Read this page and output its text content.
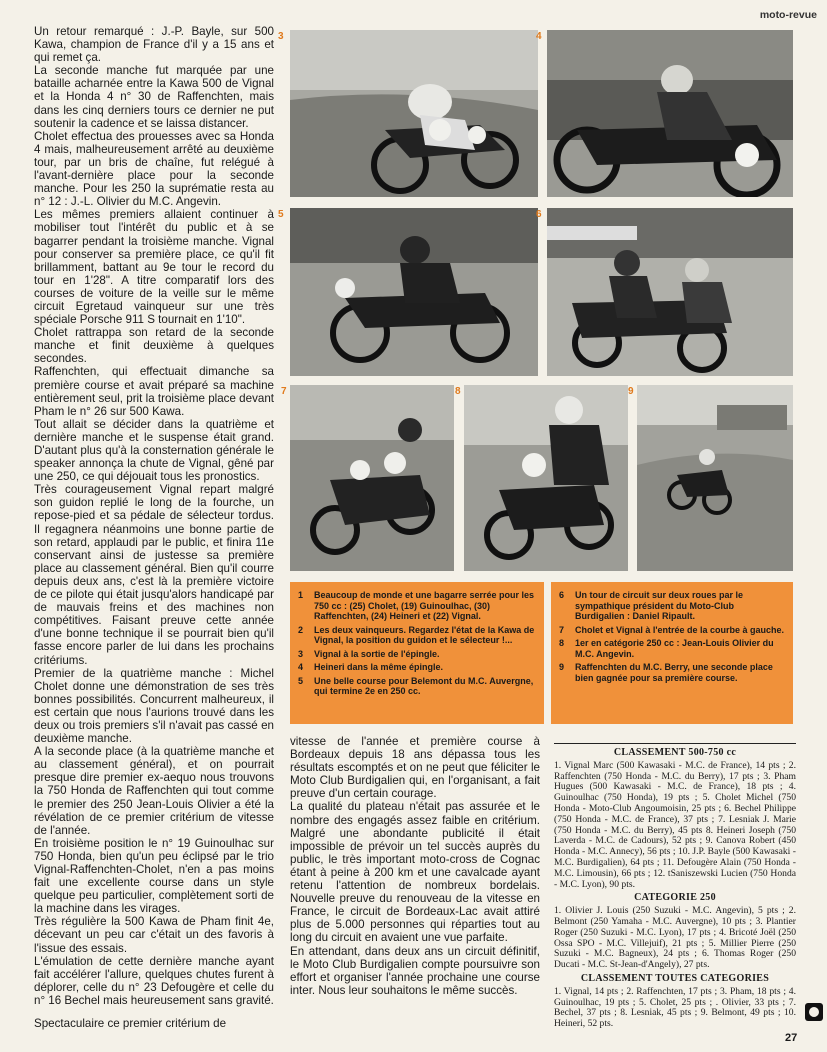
moto-revue

Un retour remarqué : J.-P. Bayle, sur 500 Kawa, champion de France d'il y a 15 ans et qui remet ça.

La seconde manche fut marquée par une bataille acharnée entre la Kawa 500 de Vignal et la Honda 4 n° 30 de Raffenchten, mais dans les cinq derniers tours ce dernier ne put soutenir la cadence et se laissa distancer.

Cholet effectua des prouesses avec sa Honda 4 mais, malheureusement arrêté au deuxième tour, par un bris de chaîne, fut relégué à l'avant-dernière place pour la seconde manche. Pour les 250 la suprématie resta au n° 12 : J.-L. Olivier du M.C. Angevin.

Les mêmes premiers allaient continuer à mobiliser tout l'intérêt du public et à se bagarrer pendant la troisième manche. Vignal pour conserver sa première place, ce qu'il fit brillamment, battant au 9e tour le record du tour en 1'28". A titre comparatif lors des courses de voiture de la veille sur le même circuit Egretaud vainqueur sur une très spéciale Porsche 911 S tournait en 1'10".

Cholet rattrappa son retard de la seconde manche et finit deuxième à quelques secondes.

Raffenchten, qui effectuait dimanche sa première course et avait préparé sa machine entièrement seul, prit la troisième place devant Pham le n° 26 sur 500 Kawa.

Tout allait se décider dans la quatrième et dernière manche et le suspense était grand. D'autant plus qu'à la consternation générale le speaker annonça la chute de Vignal, gêné par une 250, ce qui déjouait tous les pronostics.

Très courageusement Vignal repart malgré son guidon replié le long de la fourche, un repose-pied et sa pédale de sélecteur tordus. Il regagnera néanmoins une bonne partie de son retard, applaudi par le public, et finira 11e conservant ainsi de justesse sa première place au classement général. Bien qu'il courre depuis deux ans, c'est là la première victoire de ce pilote qui était jusqu'alors handicapé par de mauvais freins et des machines non compétitives. Faisant preuve cette année d'une bonne technique il se pourrait bien qu'il fasse encore parler de lui dans les prochains critériums.

Premier de la quatrième manche : Michel Cholet donne une démonstration de ses très bonnes possibilités. Concurrent malheureux, il est certain que nous l'aurions trouvé dans les deux ou trois premiers s'il n'avait pas cassé en deuxième manche.

A la seconde place (à la quatrième manche et au classement général), et on pourrait presque dire premier ex-aequo nous trouvons la 750 Honda de Raffenchten qui tout comme le premier des 250 Jean-Louis Olivier a été la révélation de ce premier critérium de vitesse de l'année.

En troisième position le n° 19 Guinoulhac sur 750 Honda, bien qu'un peu éclipsé par le trio Vignal-Raffenchten-Cholet, n'en a pas moins fait une excellente course dans un style quelque peu particulier, complètement sorti de la machine dans les virages.

Très régulière la 500 Kawa de Pham finit 4e, décevant un peu car c'était un des favoris à l'issue des essais.

L'émulation de cette dernière manche ayant fait accélérer l'allure, quelques chutes furent à déplorer, celle du n° 23 Defougère et celle du n° 16 Bechel mais heureusement sans gravité.

Spectaculaire ce premier critérium de

3	4
5	6
7	8	9
1	Beaucoup de monde et une bagarre serrée pour les 750 cc : (25) Cholet, (19) Guinoulhac, (30) Raffenchten, (24) Heineri et (22) Vignal.
2	Les deux vainqueurs. Regardez l'état de la Kawa de Vignal, la position du guidon et le sélecteur !...
3	Vignal à la sortie de l'épingle.
4	Heineri dans la même épingle.
5	Une belle course pour Belemont du M.C. Auvergne, qui termine 2e en 250 cc.
6	Un tour de circuit sur deux roues par le sympathique président du Moto-Club Burdigalien : Daniel Ripault.
7	Cholet et Vignal à l'entrée de la courbe à gauche.
8	1er en catégorie 250 cc : Jean-Louis Olivier du M.C. Angevin.
9	Raffenchten du M.C. Berry, une seconde place bien gagnée pour sa première course.

vitesse de l'année et première course à Bordeaux depuis 18 ans dépassa tous les résultats escomptés et on ne peut que féliciter le Moto Club Burdigalien qui, en l'organisant, a fait preuve d'un certain courage.

La qualité du plateau n'était pas assurée et le nombre des engagés assez faible en critérium. Malgré une abondante publicité il était impossible de prévoir un tel succès auprès du public, le très important moto-cross de Cognac étant à peine à 200 km et une cavalcade ayant retenu l'attention de nombreux bordelais. Nouvelle preuve du renouveau de la vitesse en France, le circuit de Bordeaux-Lac avait attiré plus de 5.000 personnes qui réparties tout au long du circuit en avaient une vue parfaite.

En attendant, dans deux ans un circuit définitif, le Moto Club Burdigalien compte poursuivre son effort et organiser l'année prochaine une course inter. Nous leur souhaitons le même succès.

CLASSEMENT 500-750 cc

1. Vignal Marc (500 Kawasaki - M.C. de France), 14 pts ; 2. Raffenchten (750 Honda - M.C. du Berry), 17 pts ; 3. Pham Hugues (500 Kawasaki - M.C. de France), 18 pts ; 4. Guinoulhac (750 Honda), 19 pts ; 5. Cholet Michel (750 Honda - Moto-Club Angoumoisin, 25 pts ; 6. Bechel Philippe (750 Honda - M.C. de France), 37 pts ; 7. Lesniak J. Marie (750 Honda - M.C. du Berry), 45 pts 8. Heineri Joseph (750 Laverda - M.C. de Cadours), 52 pts ; 9. Canova Robert (450 Honda - M.C. Annecy), 56 pts ; 10. J.P. Bayle (500 Kawasaki - M.C. Burdigalien), 64 pts ; 11. Defougère Alain (750 Honda - M.C. Limousin), 66 pts ; 12. tSaniszewski Lucien (750 Honda - M.C. Lyon), 90 pts.

CATEGORIE 250

1. Olivier J. Louis (250 Suzuki - M.C. Angevin), 5 pts ; 2. Belmont (250 Yamaha - M.C. Auvergne), 10 pts ; 3. Plantier Roger (250 Suzuki - M.C. Lyon), 17 pts ; 4. Bricoté Joël (250 Ossa SPO - M.C. Villejuif), 21 pts ; 5. Millier Pierre (250 Suzuki - M.C. Bagneux), 24 pts ; 6. Thomas Roger (250 Ducati - M.C. St-Jean-d'Angely), 27 pts.

CLASSEMENT TOUTES CATEGORIES

1. Vignal, 14 pts ; 2. Raffenchten, 17 pts ; 3. Pham, 18 pts ; 4. Guinoulhac, 19 pts ; 5. Cholet, 25 pts ; . Olivier, 33 pts ; 7. Bechel, 37 pts ; 8. Lesniak, 45 pts ; 9. Belmont, 49 pts ; 10. Heineri, 52 pts.

27
